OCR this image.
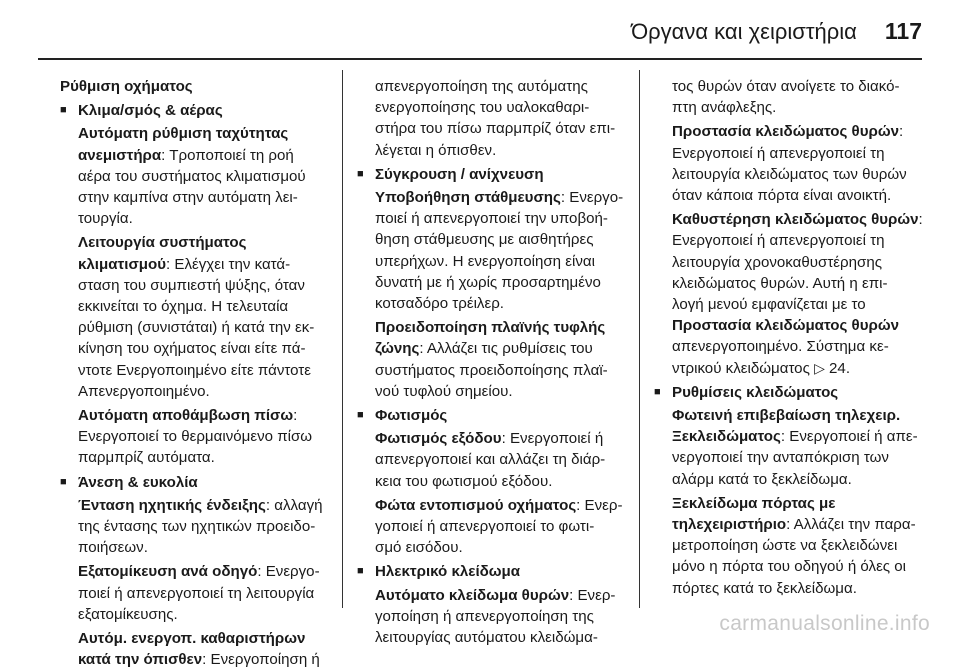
Όργανα και χειριστήρια 117
Ρύθμιση οχήματος
■ Κλιμα/σμός & αέρας

Αυτόματη ρύθμιση ταχύτητας
ανεμιστήρα: Τροποποιεί τη ροή
αέρα του συστήματος κλιματισμού
στην καμπίνα στην αυτόματη λει-
τουργία.

Λειτουργία συστήματος
κλιματισμού: Ελέγχει την κατά-
σταση του συμπιεστή ψύξης, όταν
εκκινείται το όχημα. Η τελευταία
ρύθμιση (συνιστάται) ή κατά την εκ-
κίνηση του οχήματος είναι είτε πά-
ντοτε Ενεργοποιημένο είτε πάντοτε
Απενεργοποιημένο.

Αυτόματη αποθάμβωση πίσω:
Ενεργοποιεί το θερμαινόμενο πίσω
παρμπρίζ αυτόματα.

■ Άνεση & ευκολία

Ένταση ηχητικής ένδειξης: αλλαγή
της έντασης των ηχητικών προειδο-
ποιήσεων.

Εξατομίκευση ανά οδηγό: Ενεργο-
ποιεί ή απενεργοποιεί τη λειτουργία
εξατομίκευσης.

Αυτόμ. ενεργοπ. καθαριστήρων
κατά την όπισθεν: Ενεργοποίηση ή

απενεργοποίηση της αυτόματης
ενεργοποίησης του υαλοκαθαρι-
στήρα του πίσω παρμπρίζ όταν επι-
λέγεται η όπισθεν.

■ Σύγκρουση / ανίχνευση

Υποβοήθηση στάθμευσης: Ενεργο-
ποιεί ή απενεργοποιεί την υποβοή-
θηση στάθμευσης με αισθητήρες
υπερήχων. Η ενεργοποίηση είναι
δυνατή με ή χωρίς προσαρτημένο
κοτσαδόρο τρέιλερ.

Προειδοποίηση πλαϊνής τυφλής
ζώνης: Αλλάζει τις ρυθμίσεις του
συστήματος προειδοποίησης πλαϊ-
νού τυφλού σημείου.

■ Φωτισμός

Φωτισμός εξόδου: Ενεργοποιεί ή
απενεργοποιεί και αλλάζει τη διάρ-
κεια του φωτισμού εξόδου.

Φώτα εντοπισμού οχήματος: Ενερ-
γοποιεί ή απενεργοποιεί το φωτι-
σμό εισόδου.

■ Ηλεκτρικό κλείδωμα

Αυτόματο κλείδωμα θυρών: Ενερ-
γοποίηση ή απενεργοποίηση της
λειτουργίας αυτόματου κλειδώμα-

τος θυρών όταν ανοίγετε το διακό-
πτη ανάφλεξης.

Προστασία κλειδώματος θυρών:
Ενεργοποιεί ή απενεργοποιεί τη
λειτουργία κλειδώματος των θυρών
όταν κάποια πόρτα είναι ανοικτή.

Καθυστέρηση κλειδώματος θυρών:
Ενεργοποιεί ή απενεργοποιεί τη
λειτουργία χρονοκαθυστέρησης
κλειδώματος θυρών. Αυτή η επι-
λογή μενού εμφανίζεται με το
Προστασία κλειδώματος θυρών
απενεργοποιημένο. Σύστημα κε-
ντρικού κλειδώματος ▷ 24.

■ Ρυθμίσεις κλειδώματος

Φωτεινή επιβεβαίωση τηλεχειρ.
Ξεκλειδώματος: Ενεργοποιεί ή απε-
νεργοποιεί την ανταπόκριση των
αλάρμ κατά το ξεκλείδωμα.

Ξεκλείδωμα πόρτας με
τηλεχειριστήριο: Αλλάζει την παρα-
μετροποίηση ώστε να ξεκλειδώνει
μόνο η πόρτα του οδηγού ή όλες οι
πόρτες κατά το ξεκλείδωμα.

carmanualsonline.info
